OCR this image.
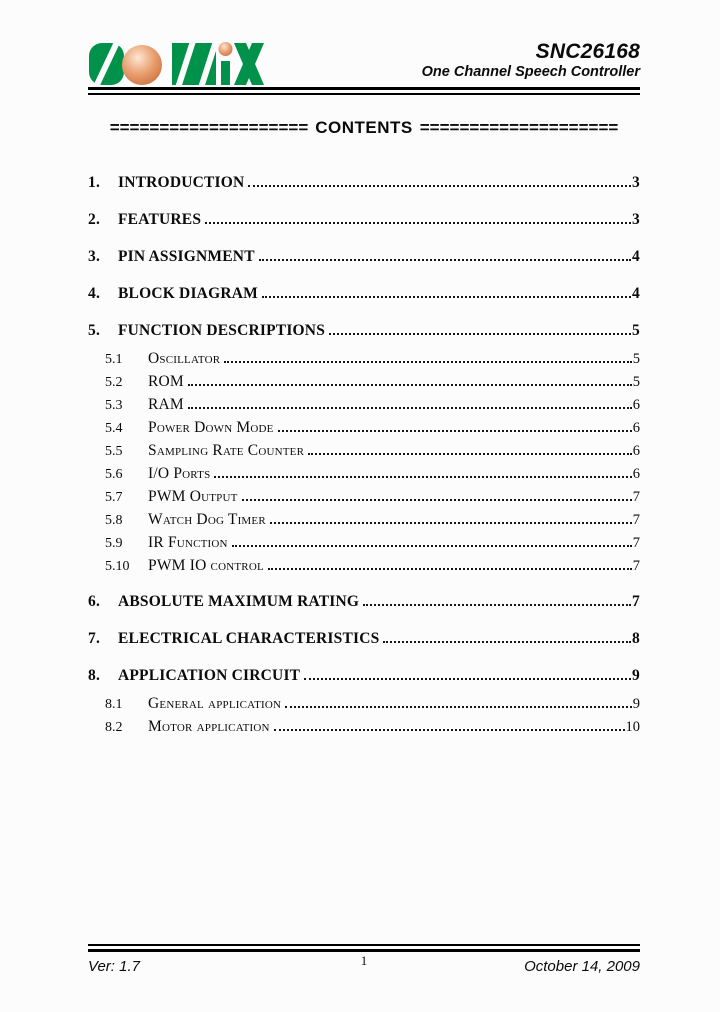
SNC26168
One Channel Speech Controller
==================== CONTENTS ====================
1.	INTRODUCTION	3
2.	FEATURES	3
3.	PIN ASSIGNMENT	4
4.	BLOCK DIAGRAM	4
5.	FUNCTION DESCRIPTIONS	5
5.1	Oscillator	5
5.2	ROM	5
5.3	RAM	6
5.4	Power Down Mode	6
5.5	Sampling Rate Counter	6
5.6	I/O Ports	6
5.7	PWM Output	7
5.8	Watch Dog Timer	7
5.9	IR Function	7
5.10	PWM IO control	7
6.	ABSOLUTE MAXIMUM RATING	7
7.	ELECTRICAL CHARACTERISTICS	8
8.	APPLICATION CIRCUIT	9
8.1	General application	9
8.2	Motor application	10
1
Ver: 1.7	October 14, 2009
